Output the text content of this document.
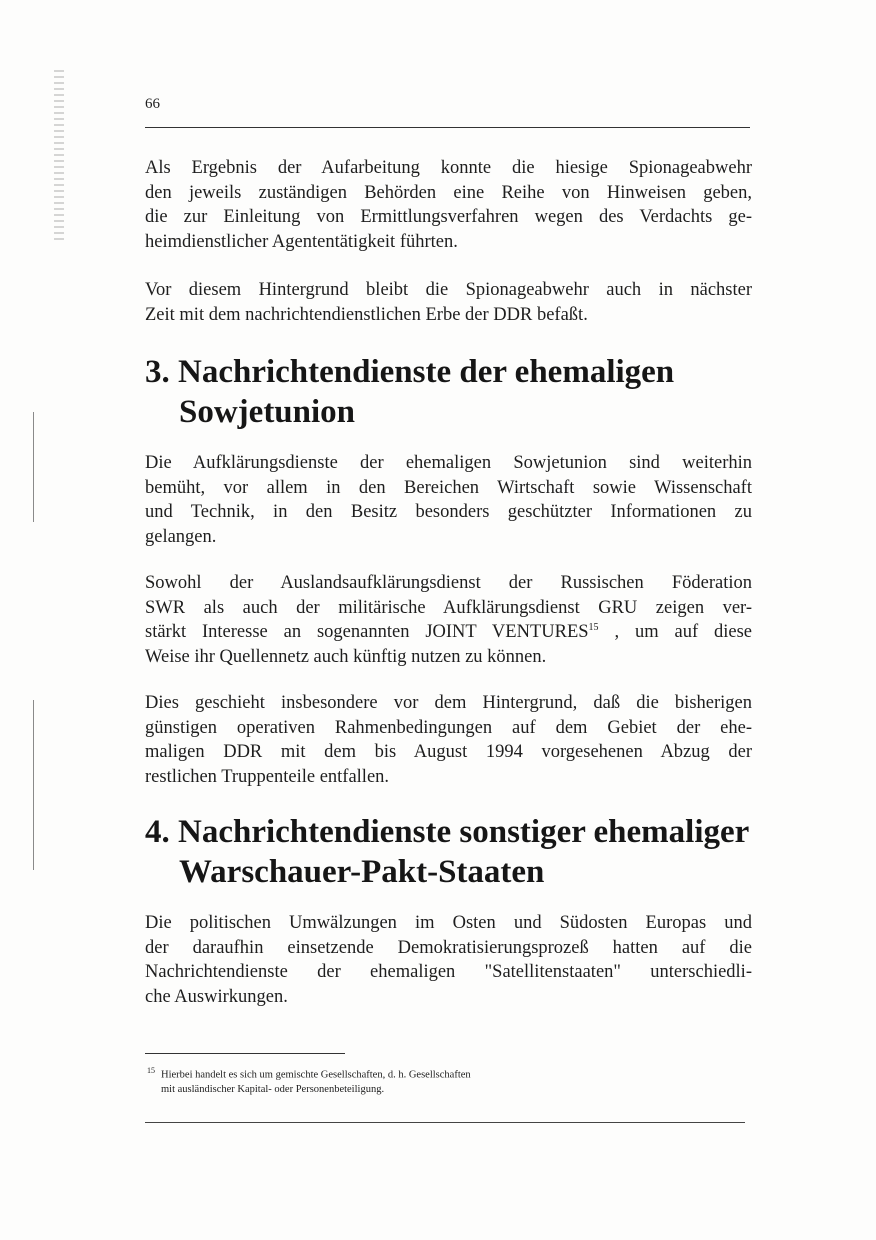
66

Als Ergebnis der Aufarbeitung konnte die hiesige Spionageabwehr
den jeweils zuständigen Behörden eine Reihe von Hinweisen geben,
die zur Einleitung von Ermittlungsverfahren wegen des Verdachts ge-
heimdienstlicher Agententätigkeit führten.

Vor diesem Hintergrund bleibt die Spionageabwehr auch in nächster
Zeit mit dem nachrichtendienstlichen Erbe der DDR befaßt.

3. Nachrichtendienste der ehemaligen
Sowjetunion

Die Aufklärungsdienste der ehemaligen Sowjetunion sind weiterhin
bemüht, vor allem in den Bereichen Wirtschaft sowie Wissenschaft
und Technik, in den Besitz besonders geschützter Informationen zu
gelangen.

Sowohl der Auslandsaufklärungsdienst der Russischen Föderation
SWR als auch der militärische Aufklärungsdienst GRU zeigen ver-
stärkt Interesse an sogenannten JOINT VENTURES$^{15}$ , um auf diese
Weise ihr Quellennetz auch künftig nutzen zu können.

Dies geschieht insbesondere vor dem Hintergrund, daß die bisherigen
günstigen operativen Rahmenbedingungen auf dem Gebiet der ehe-
maligen DDR mit dem bis August 1994 vorgesehenen Abzug der
restlichen Truppenteile entfallen.

4. Nachrichtendienste sonstiger ehemaliger
Warschauer-Pakt-Staaten

Die politischen Umwälzungen im Osten und Südosten Europas und
der daraufhin einsetzende Demokratisierungsprozeß hatten auf die
Nachrichtendienste der ehemaligen "Satellitenstaaten" unterschiedli-
che Auswirkungen.

$^{15}$ Hierbei handelt es sich um gemischte Gesellschaften, d. h. Gesellschaften
mit ausländischer Kapital- oder Personenbeteiligung.
